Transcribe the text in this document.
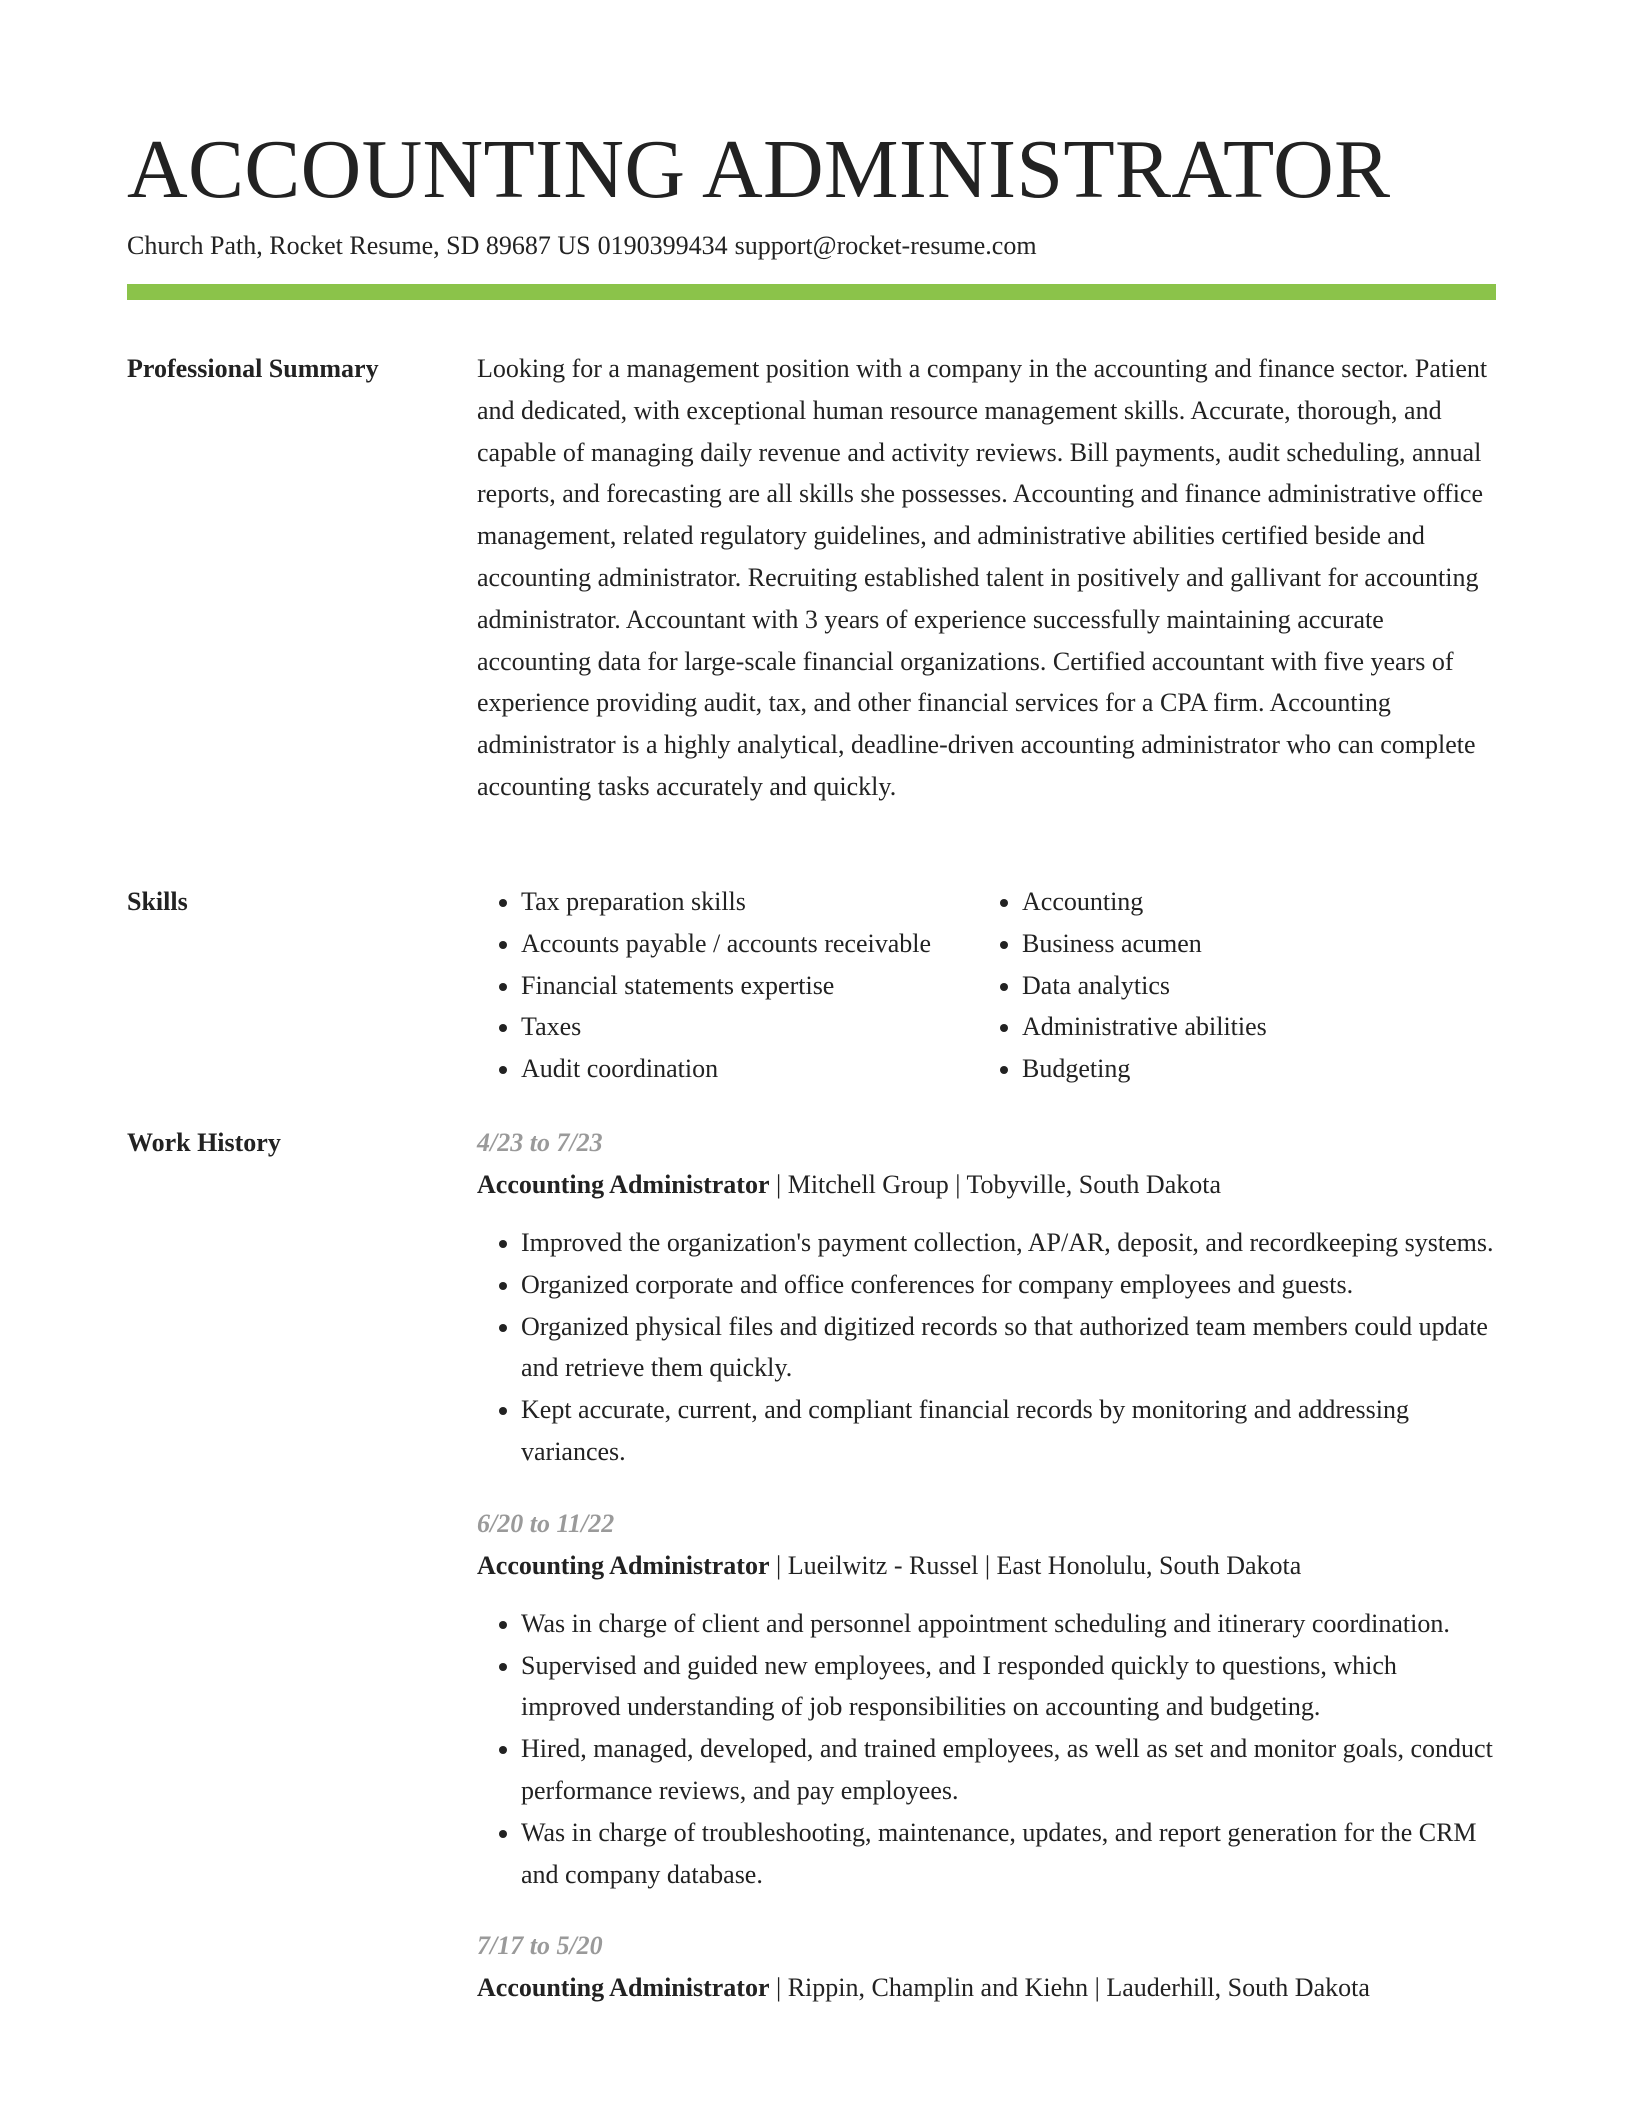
ACCOUNTING ADMINISTRATOR
Church Path, Rocket Resume, SD 89687 US 0190399434 support@rocket-resume.com
Professional Summary	Looking for a management position with a company in the accounting and finance sector. Patient and dedicated, with exceptional human resource management skills. Accurate, thorough, and capable of managing daily revenue and activity reviews. Bill payments, audit scheduling, annual reports, and forecasting are all skills she possesses. Accounting and finance administrative office management, related regulatory guidelines, and administrative abilities certified beside and accounting administrator. Recruiting established talent in positively and gallivant for accounting administrator. Accountant with 3 years of experience successfully maintaining accurate accounting data for large-scale financial organizations. Certified accountant with five years of experience providing audit, tax, and other financial services for a CPA firm. Accounting administrator is a highly analytical, deadline-driven accounting administrator who can complete accounting tasks accurately and quickly.

Skills
•	Tax preparation skills
• Accounts payable / accounts receivable
• Financial statements expertise
• Taxes
• Audit coordination
• Accounting
• Business acumen
• Data analytics
• Administrative abilities
• Budgeting
Work History	4/23 to 7/23
Accounting Administrator | Mitchell Group | Tobyville, South Dakota
• Improved the organization's payment collection, AP/AR, deposit, and recordkeeping systems.
• Organized corporate and office conferences for company employees and guests.
• Organized physical files and digitized records so that authorized team members could update and retrieve them quickly.
• Kept accurate, current, and compliant financial records by monitoring and addressing variances.
6/20 to 11/22
Accounting Administrator | Lueilwitz - Russel | East Honolulu, South Dakota
• Was in charge of client and personnel appointment scheduling and itinerary coordination.
• Supervised and guided new employees, and I responded quickly to questions, which improved understanding of job responsibilities on accounting and budgeting.
• Hired, managed, developed, and trained employees, as well as set and monitor goals, conduct performance reviews, and pay employees.
• Was in charge of troubleshooting, maintenance, updates, and report generation for the CRM and company database.
7/17 to 5/20
Accounting Administrator | Rippin, Champlin and Kiehn | Lauderhill, South Dakota
